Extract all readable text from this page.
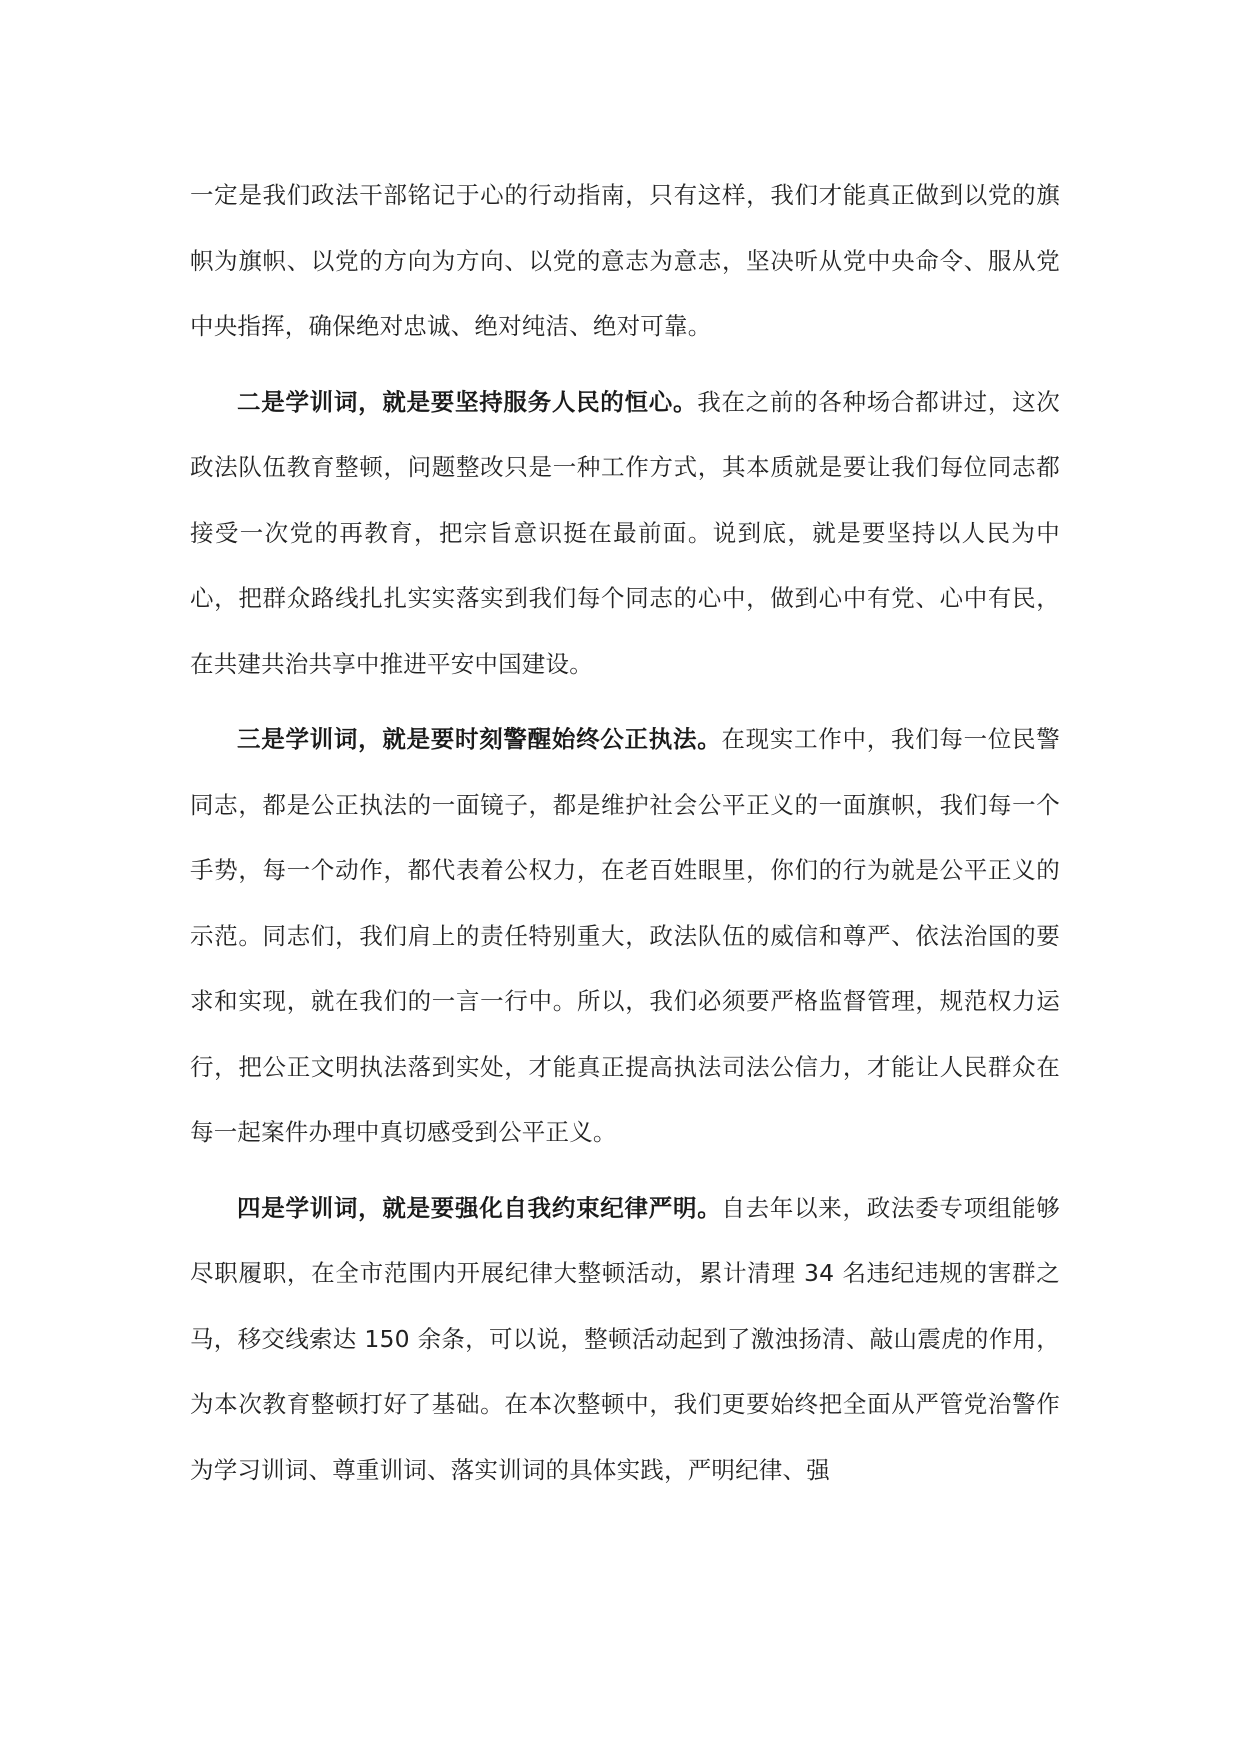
一定是我们政法干部铭记于心的行动指南，只有这样，我们才能真正做到以党的旗帜为旗帜、以党的方向为方向、以党的意志为意志，坚决听从党中央命令、服从党中央指挥，确保绝对忠诚、绝对纯洁、绝对可靠。

二是学训词，就是要坚持服务人民的恒心。我在之前的各种场合都讲过，这次政法队伍教育整顿，问题整改只是一种工作方式，其本质就是要让我们每位同志都接受一次党的再教育，把宗旨意识挺在最前面。说到底，就是要坚持以人民为中心，把群众路线扎扎实实落实到我们每个同志的心中，做到心中有党、心中有民，在共建共治共享中推进平安中国建设。

三是学训词，就是要时刻警醒始终公正执法。在现实工作中，我们每一位民警同志，都是公正执法的一面镜子，都是维护社会公平正义的一面旗帜，我们每一个手势，每一个动作，都代表着公权力，在老百姓眼里，你们的行为就是公平正义的示范。同志们，我们肩上的责任特别重大，政法队伍的威信和尊严、依法治国的要求和实现，就在我们的一言一行中。所以，我们必须要严格监督管理，规范权力运行，把公正文明执法落到实处，才能真正提高执法司法公信力，才能让人民群众在每一起案件办理中真切感受到公平正义。

四是学训词，就是要强化自我约束纪律严明。自去年以来，政法委专项组能够尽职履职，在全市范围内开展纪律大整顿活动，累计清理 34 名违纪违规的害群之马，移交线索达 150 余条，可以说，整顿活动起到了激浊扬清、敲山震虎的作用，为本次教育整顿打好了基础。在本次整顿中，我们更要始终把全面从严管党治警作为学习训词、尊重训词、落实训词的具体实践，严明纪律、强
